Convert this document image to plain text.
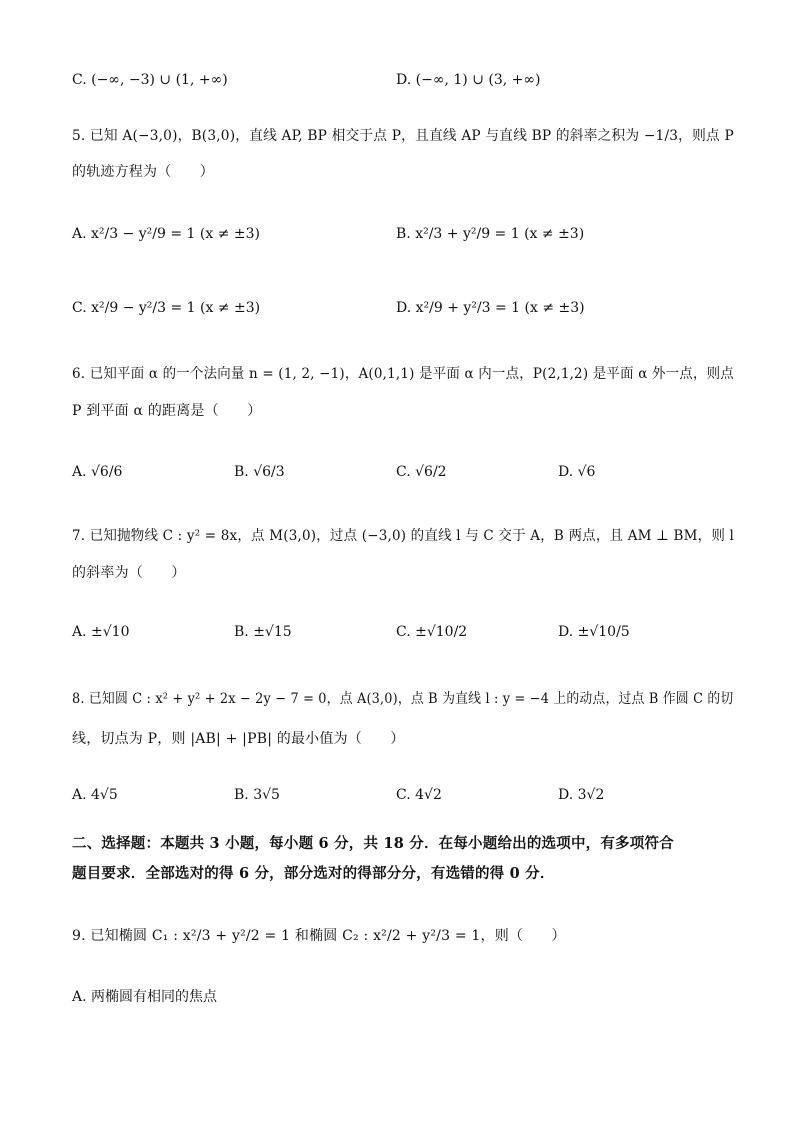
C. (−∞, −3) ∪ (1, +∞)	D. (−∞, 1) ∪ (3, +∞)
5. 已知 A(−3,0)，B(3,0)，直线 AP, BP 相交于点 P，且直线 AP 与直线 BP 的斜率之积为 −1/3，则点 P
的轨迹方程为（　　）
A. x²/3 − y²/9 = 1 (x ≠ ±3)	B. x²/3 + y²/9 = 1 (x ≠ ±3)
C. x²/9 − y²/3 = 1 (x ≠ ±3)	D. x²/9 + y²/3 = 1 (x ≠ ±3)
6. 已知平面 α 的一个法向量 n = (1, 2, −1)，A(0,1,1) 是平面 α 内一点，P(2,1,2) 是平面 α 外一点，则点
P 到平面 α 的距离是（　　）
A. √6/6	B. √6/3	C. √6/2	D. √6
7. 已知抛物线 C : y² = 8x，点 M(3,0)，过点 (−3,0) 的直线 l 与 C 交于 A，B 两点，且 AM ⊥ BM，则 l
的斜率为（　　）
A. ±√10	B. ±√15	C. ±√10/2	D. ±√10/5
8. 已知圆 C : x² + y² + 2x − 2y − 7 = 0，点 A(3,0)，点 B 为直线 l : y = −4 上的动点，过点 B 作圆 C 的切
线，切点为 P，则 |AB| + |PB| 的最小值为（　　）
A. 4√5	B. 3√5	C. 4√2	D. 3√2
二、选择题：本题共 3 小题，每小题 6 分，共 18 分．在每小题给出的选项中，有多项符合
题目要求．全部选对的得 6 分，部分选对的得部分分，有选错的得 0 分．
9. 已知椭圆 C₁ : x²/3 + y²/2 = 1 和椭圆 C₂ : x²/2 + y²/3 = 1，则（　　）
A. 两椭圆有相同的焦点
